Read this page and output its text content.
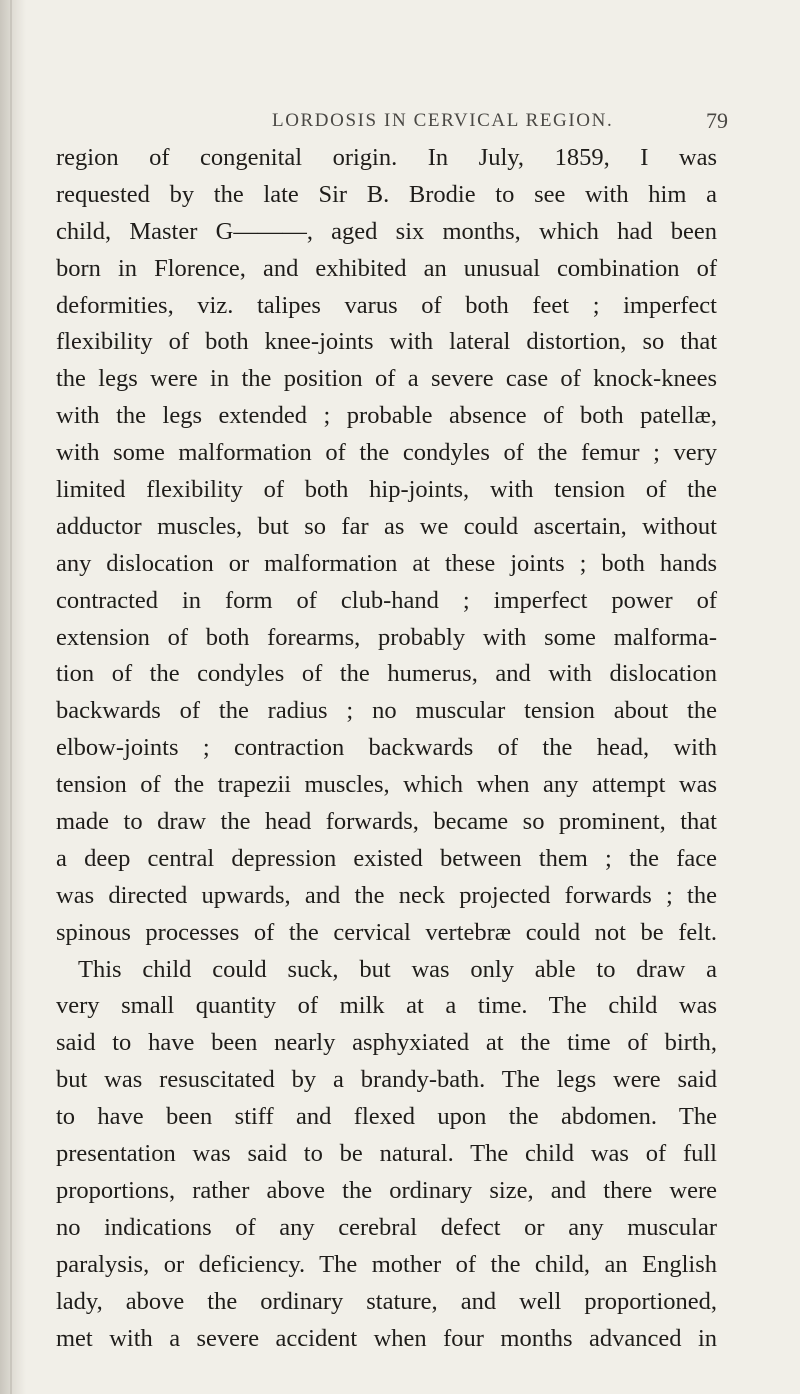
LORDOSIS IN CERVICAL REGION.	79
region of congenital origin. In July, 1859, I was
requested by the late Sir B. Brodie to see with him a
child, Master G———, aged six months, which had been
born in Florence, and exhibited an unusual combination of
deformities, viz. talipes varus of both feet ; imperfect
flexibility of both knee-joints with lateral distortion, so that
the legs were in the position of a severe case of knock-knees
with the legs extended ; probable absence of both patellæ,
with some malformation of the condyles of the femur ; very
limited flexibility of both hip-joints, with tension of the
adductor muscles, but so far as we could ascertain, without
any dislocation or malformation at these joints ; both hands
contracted in form of club-hand ; imperfect power of
extension of both forearms, probably with some malforma-
tion of the condyles of the humerus, and with dislocation
backwards of the radius ; no muscular tension about the
elbow-joints ; contraction backwards of the head, with
tension of the trapezii muscles, which when any attempt was
made to draw the head forwards, became so prominent, that
a deep central depression existed between them ; the face
was directed upwards, and the neck projected forwards ; the
spinous processes of the cervical vertebræ could not be felt.
This child could suck, but was only able to draw a
very small quantity of milk at a time. The child was
said to have been nearly asphyxiated at the time of birth,
but was resuscitated by a brandy-bath. The legs were said
to have been stiff and flexed upon the abdomen. The
presentation was said to be natural. The child was of full
proportions, rather above the ordinary size, and there were
no indications of any cerebral defect or any muscular
paralysis, or deficiency. The mother of the child, an English
lady, above the ordinary stature, and well proportioned,
met with a severe accident when four months advanced in
